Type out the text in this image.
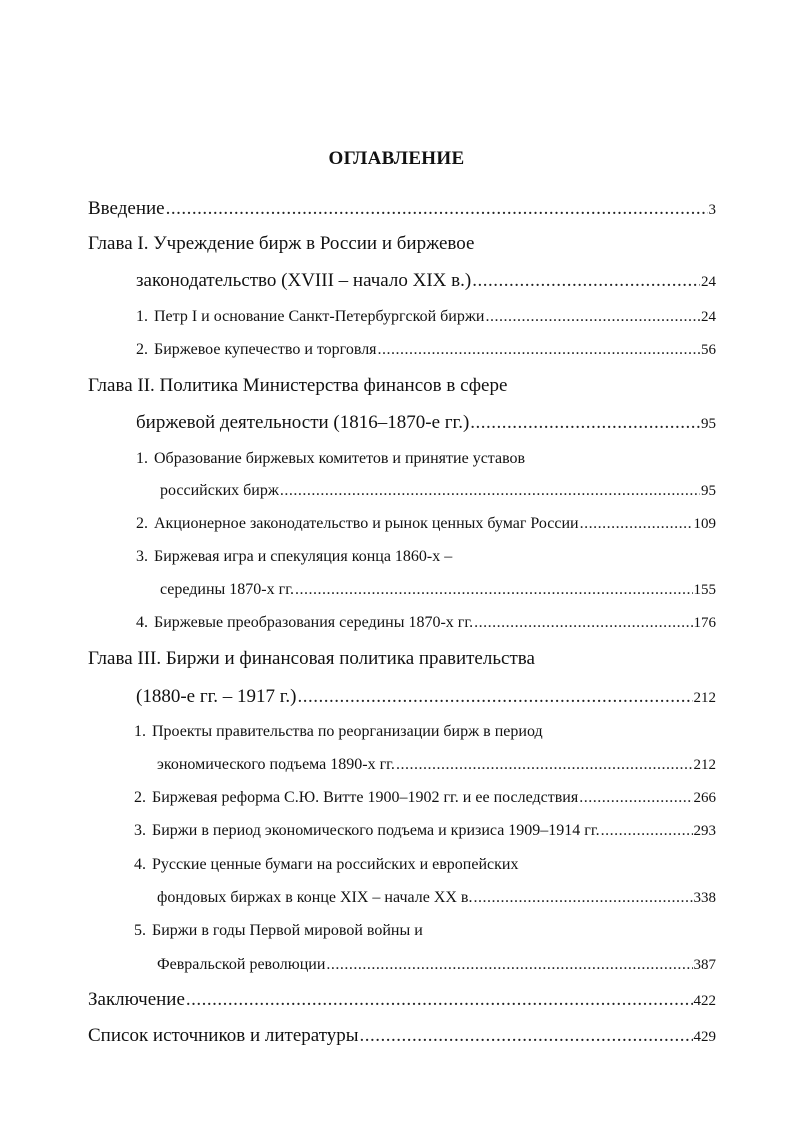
ОГЛАВЛЕНИЕ
Введение .....	3
Глава I. Учреждение бирж в России и биржевое
законодательство (XVIII – начало XIX в.) .....	24
1. Петр I и основание Санкт-Петербургской биржи .....	24
2. Биржевое купечество и торговля .....	56
Глава II. Политика Министерства финансов в сфере
биржевой деятельности (1816–1870-е гг.) .....	95
1. Образование биржевых комитетов и принятие уставов
российских бирж .....	95
2. Акционерное законодательство и рынок ценных бумаг России .....	109
3. Биржевая игра и спекуляция конца 1860-х –
середины 1870-х гг. .....	155
4. Биржевые преобразования середины 1870-х гг. .....	176
Глава III. Биржи и финансовая политика правительства
(1880-е гг. – 1917 г.) .....	212
1. Проекты правительства по реорганизации бирж в период
экономического подъема 1890-х гг. .....	212
2. Биржевая реформа С.Ю. Витте 1900–1902 гг. и ее последствия .....	266
3. Биржи в период экономического подъема и кризиса 1909–1914 гг. .....	293
4. Русские ценные бумаги на российских и европейских
фондовых биржах в конце XIX – начале XX в. .....	338
5. Биржи в годы Первой мировой войны и
Февральской революции .....	387
Заключение .....	422
Список источников и литературы .....	429
